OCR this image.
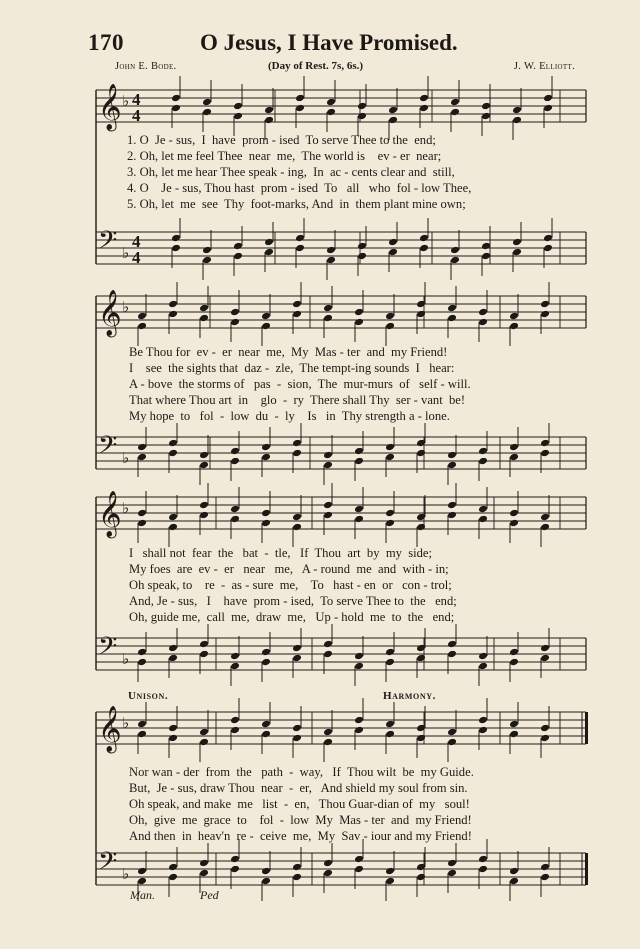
170	O Jesus, I Have Promised.
John E. Bode.	(Day of Rest. 7s, 6s.)	J. W. Elliott.
𝄞 ♭ 4
4
𝄢 ♭
4
4
𝄞 ♭
𝄢 ♭
𝄞 ♭
𝄢 ♭
𝄞 ♭
𝄢 ♭
1. O  Je - sus,  I  have  prom - ised  To serve Thee to the  end;
2. Oh, let me feel Thee  near  me,  The world is    ev - er  near;
3. Oh, let me hear Thee speak - ing,  In  ac - cents clear and  still,
4. O    Je - sus, Thou hast  prom - ised  To   all   who  fol - low Thee,
5. Oh, let  me  see  Thy  foot-marks, And  in  them plant mine own;
Be Thou for  ev -  er  near  me,  My  Mas - ter  and  my Friend!
I    see  the sights that  daz -  zle,  The tempt-ing sounds  I   hear:
A - bove  the storms of   pas  -  sion,  The  mur-murs  of   self - will.
That where Thou art  in    glo  -  ry  There shall Thy  ser - vant  be!
My hope  to   fol  -  low  du  -  ly    Is   in  Thy strength a - lone.
I   shall not  fear  the   bat  -  tle,   If  Thou  art  by  my  side;
My foes  are  ev -  er   near   me,   A - round  me  and  with - in;
Oh speak, to    re  -  as - sure  me,    To   hast - en  or   con - trol;
And, Je - sus,   I    have  prom - ised,  To serve Thee to  the   end;
Oh, guide me,  call  me,  draw  me,   Up - hold  me  to  the   end;
Nor wan - der  from  the   path  -  way,   If  Thou wilt  be  my Guide.
But,  Je - sus, draw Thou  near  -  er,   And shield my soul from sin.
Oh speak, and make  me   list  -  en,   Thou Guar-dian of  my   soul!
Oh,  give  me  grace  to    fol  -  low  My  Mas - ter  and  my Friend!
And then  in  heav'n  re -  ceive  me,  My  Sav - iour and my Friend!
Unison.	Harmony.
Man.	Ped
